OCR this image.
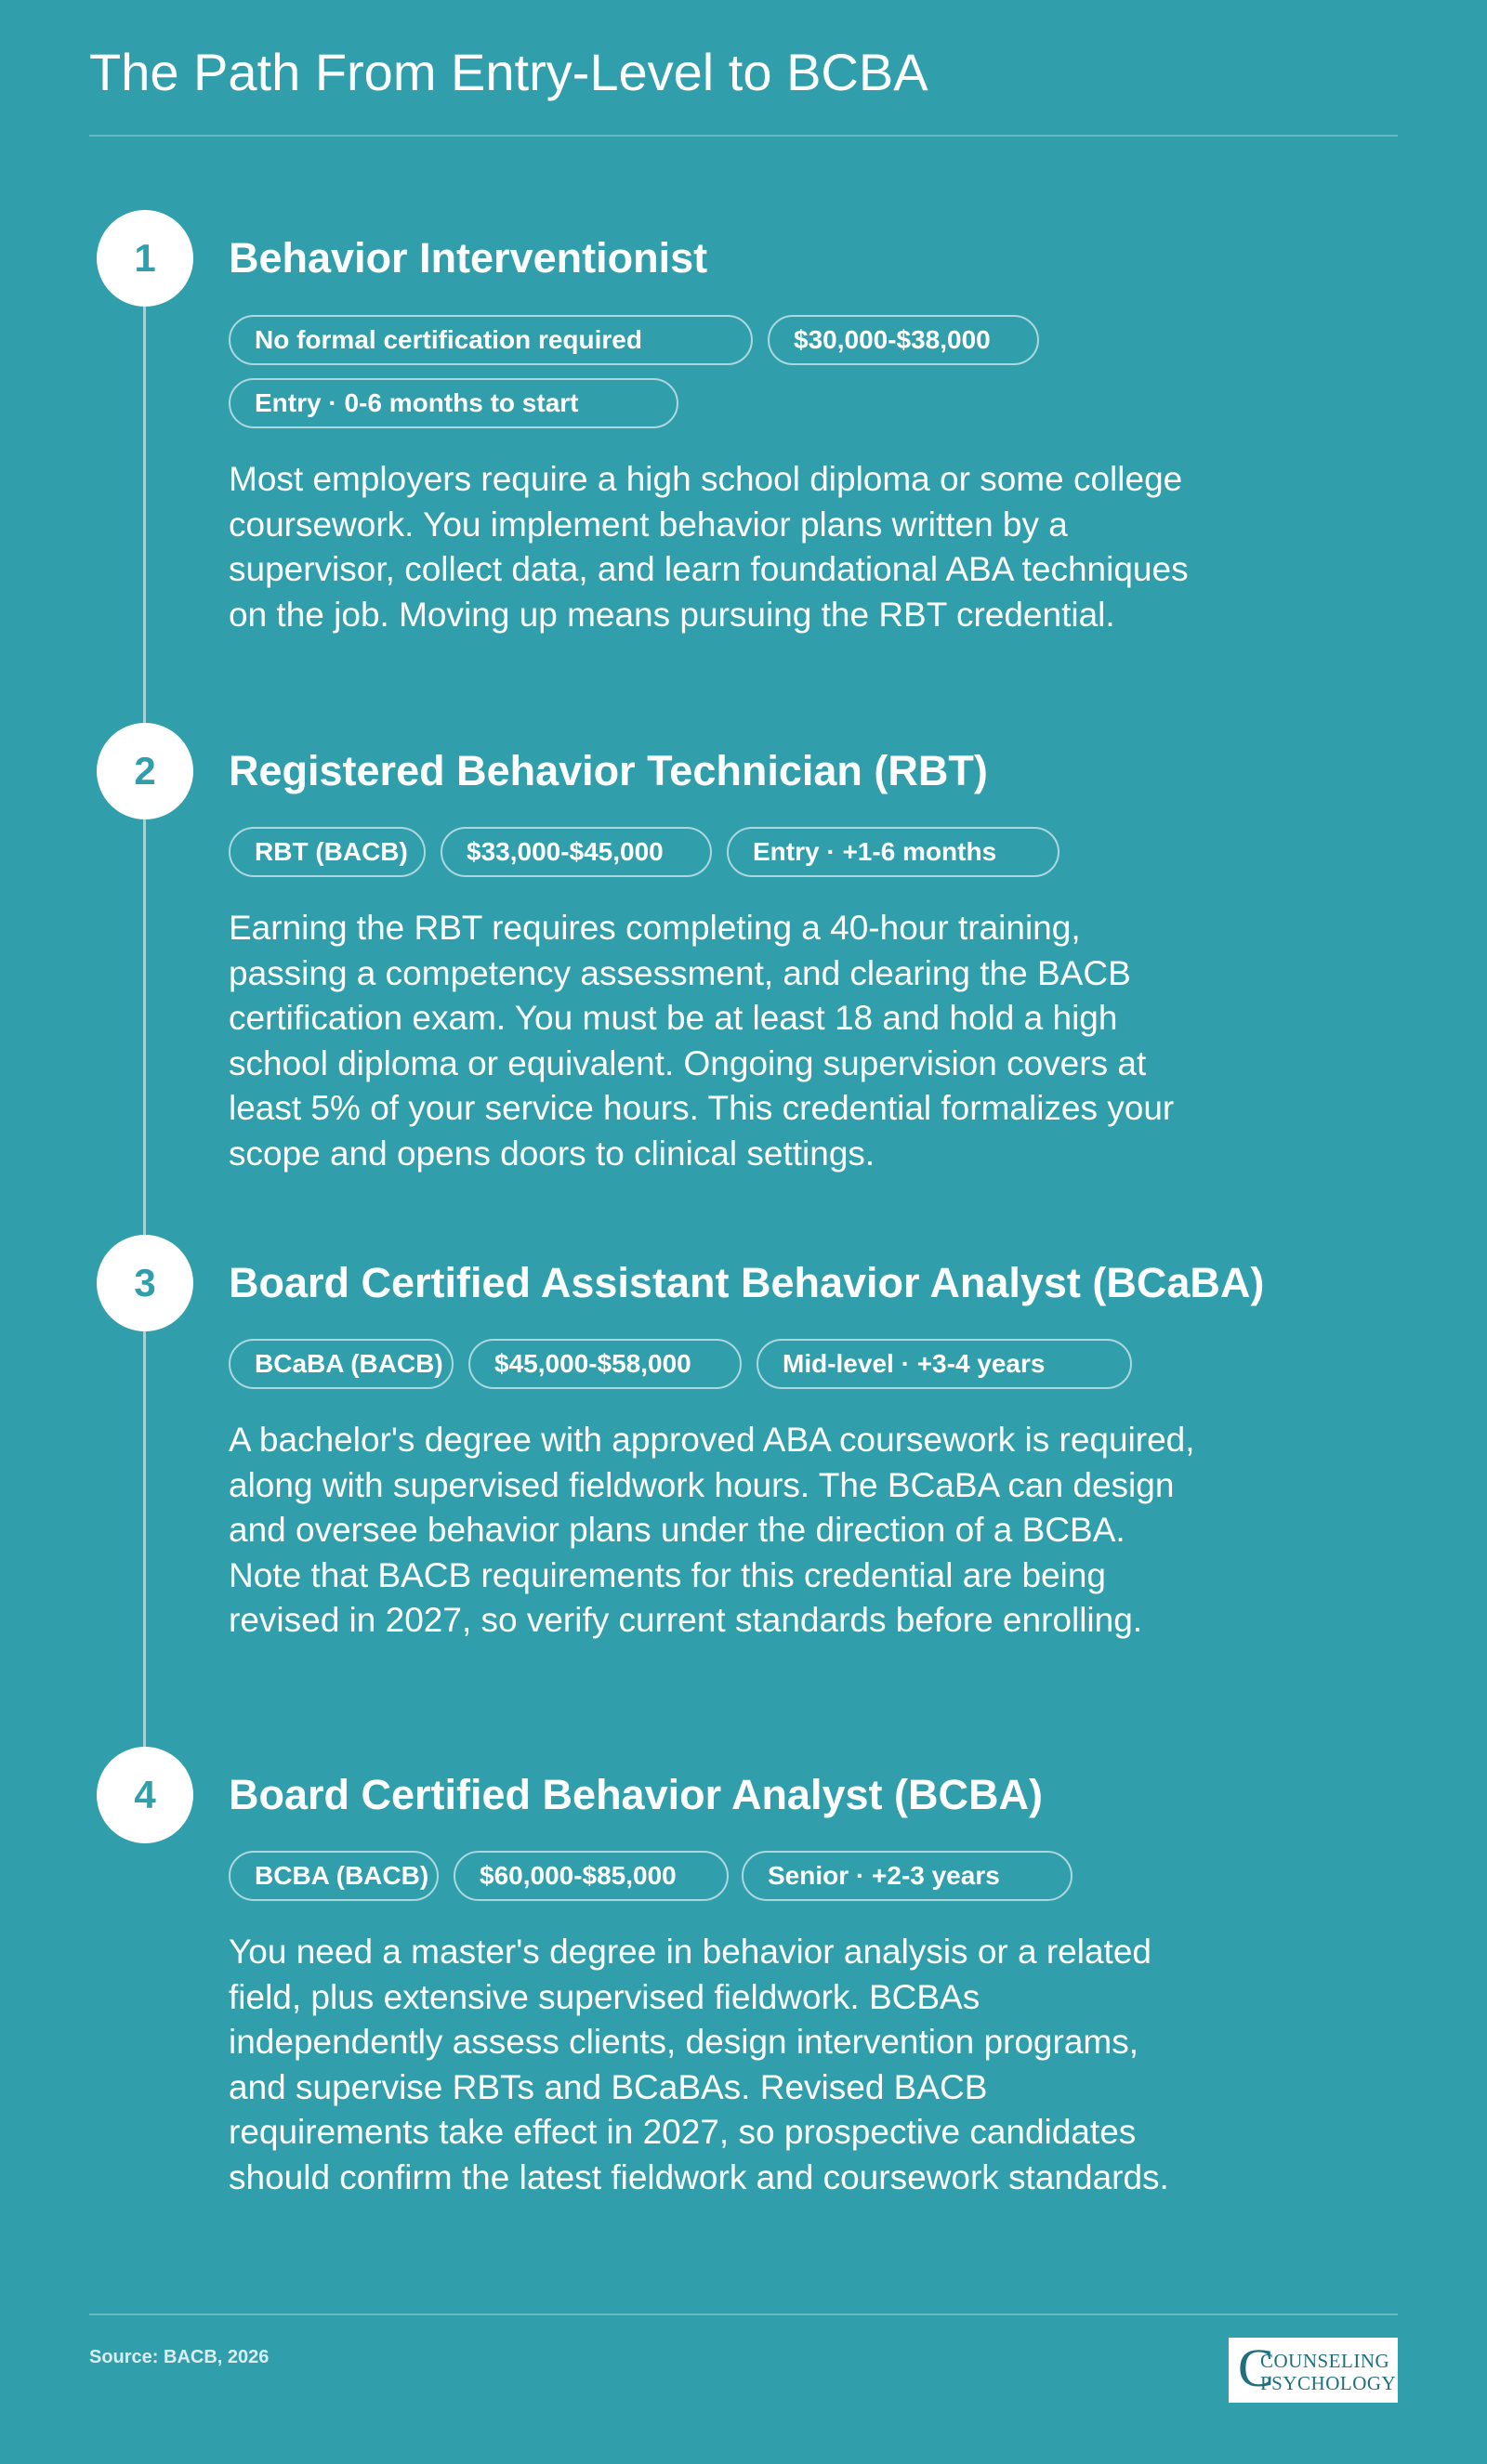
The Path From Entry-Level to BCBA
1	Behavior Interventionist
No formal certification required	$30,000-$38,000
Entry · 0-6 months to start

Most employers require a high school diploma or some college coursework. You implement behavior plans written by a supervisor, collect data, and learn foundational ABA techniques on the job. Moving up means pursuing the RBT credential.

2	Registered Behavior Technician (RBT)
RBT (BACB)	$33,000-$45,000	Entry · +1-6 months

Earning the RBT requires completing a 40-hour training, passing a competency assessment, and clearing the BACB certification exam. You must be at least 18 and hold a high school diploma or equivalent. Ongoing supervision covers at least 5% of your service hours. This credential formalizes your scope and opens doors to clinical settings.

3	Board Certified Assistant Behavior Analyst (BCaBA)
BCaBA (BACB)	$45,000-$58,000	Mid-level · +3-4 years

A bachelor's degree with approved ABA coursework is required, along with supervised fieldwork hours. The BCaBA can design and oversee behavior plans under the direction of a BCBA. Note that BACB requirements for this credential are being revised in 2027, so verify current standards before enrolling.

4	Board Certified Behavior Analyst (BCBA)
BCBA (BACB)	$60,000-$85,000	Senior · +2-3 years

You need a master's degree in behavior analysis or a related field, plus extensive supervised fieldwork. BCBAs independently assess clients, design intervention programs, and supervise RBTs and BCaBAs. Revised BACB requirements take effect in 2027, so prospective candidates should confirm the latest fieldwork and coursework standards.

Source: BACB, 2026	C
COUNSELING
PSYCHOLOGY
